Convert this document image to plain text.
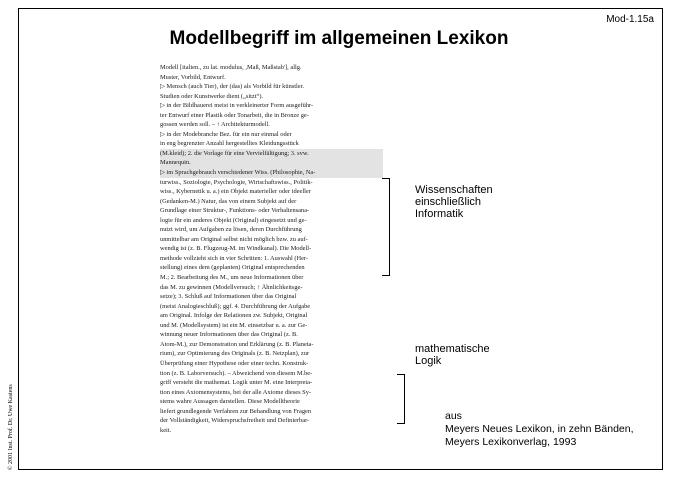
Mod-1.15a
Modellbegriff im allgemeinen Lexikon
© 2001 Inst. Prof. Dr. Uwe Kastens

Modell [italien., zu lat. modulus, ,Maß, Maßstab'], allg.

Muster, Vorbild, Entwurf.

▷ Mensch (auch Tier), der (das) als Vorbild für künstler.

Studien oder Kunstwerke dient („sitzt“).

▷ in der Bildhauerei meist in verkleinerter Form ausgeführ-

ter Entwurf einer Plastik oder Tonarbeit, die in Bronze ge-

gossen werden soll. – ↑ Architekturmodell.

▷ in der Modebranche Bez. für ein nur einmal oder

in eng begrenzter Anzahl hergestelltes Kleidungsstück

(M.kleid); 2. die Vorlage für eine Vervielfältigung; 3. svw.

Mannequin.

▷ im Sprachgebrauch verschiedener Wiss. (Philosophie, Na-

turwiss., Soziologie, Psychologie, Wirtschaftswiss., Politik-

wiss., Kybernetik u. a.) ein Objekt materieller oder ideeller

(Gedanken-M.) Natur, das von einem Subjekt auf der

Grundlage einer Struktur-, Funktions- oder Verhaltensana-

logie für ein anderes Objekt (Original) eingesetzt und ge-

nutzt wird, um Aufgaben zu lösen, deren Durchführung

unmittelbar am Original selbst nicht möglich bzw. zu auf-

wendig ist (z. B. Flugzeug-M. im Windkanal). Die Modell-

methode vollzieht sich in vier Schritten: 1. Auswahl (Her-

stellung) eines dem (geplanten) Original entsprechenden

M.; 2. Bearbeitung des M., um neue Informationen über

das M. zu gewinnen (Modellversuch; ↑ Ähnlichkeitsge-

setze); 3. Schluß auf Informationen über das Original

(meist Analogieschluß); ggf. 4. Durchführung der Aufgabe

am Original. Infolge der Relationen zw. Subjekt, Original

und M. (Modellsystem) ist ein M. einsetzbar u. a. zur Ge-

winnung neuer Informationen über das Original (z. B.

Atom-M.), zur Demonstration und Erklärung (z. B. Planeta-

rium), zur Optimierung des Originals (z. B. Netzplan), zur

Überprüfung einer Hypothese oder einer techn. Konstruk-

tion (z. B. Laborversuch). – Abweichend von diesem M.be-

griff versteht die mathemat. Logik unter M. eine Interpreta-

tion eines Axiomensystems, bei der alle Axiome dieses Sy-

stems wahre Aussagen darstellen. Diese Modelltheorie

liefert grundlegende Verfahren zur Behandlung von Fragen

der Vollständigkeit, Widerspruchsfreiheit und Definierbar-

keit.

Wissenschaften
einschließlich
Informatik
mathematische
Logik
aus
Meyers Neues Lexikon, in zehn Bänden,
Meyers Lexikonverlag, 1993
